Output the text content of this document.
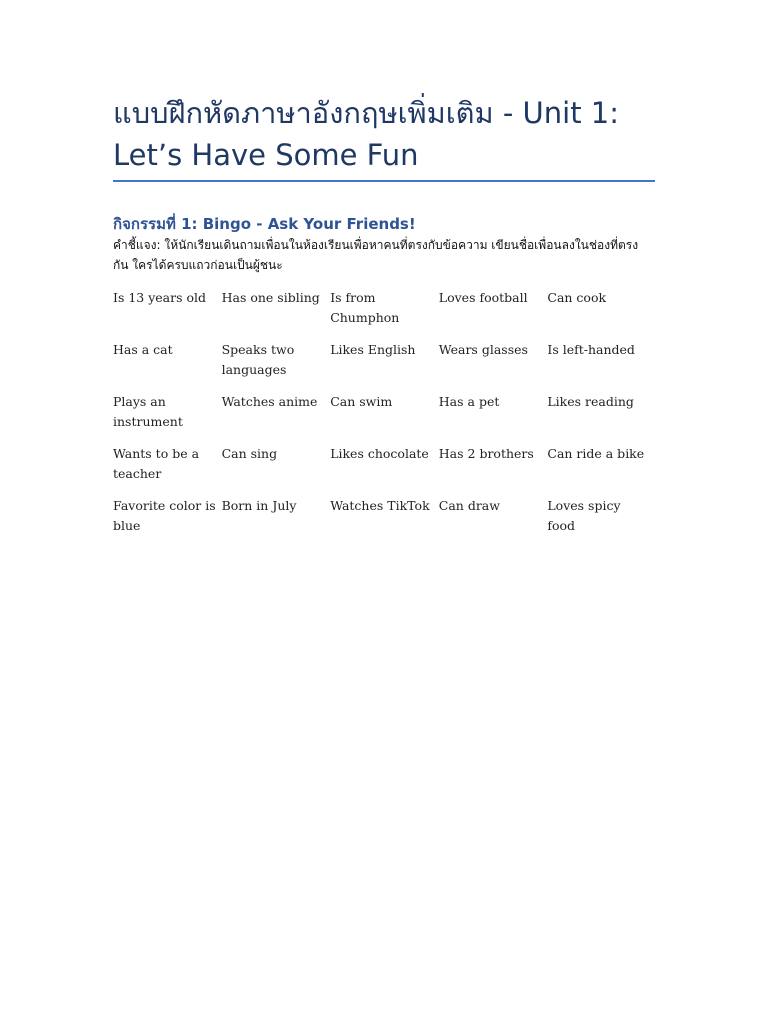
แบบฝึกหัดภาษาอังกฤษเพิ่มเติม - Unit 1:
Let’s Have Some Fun
กิจกรรมที่ 1: Bingo - Ask Your Friends!
คำชี้แจง: ให้นักเรียนเดินถามเพื่อนในห้องเรียนเพื่อหาคนที่ตรงกับข้อความ เขียนชื่อเพื่อนลงในช่องที่ตรงกัน ใครได้ครบแถวก่อนเป็นผู้ชนะ
Is 13 years old	Has one sibling	Is from Chumphon	Loves football	Can cook
Has a cat	Speaks two languages	Likes English	Wears glasses	Is left-handed
Plays an instrument	Watches anime	Can swim	Has a pet	Likes reading
Wants to be a teacher	Can sing	Likes chocolate	Has 2 brothers	Can ride a bike
Favorite color is blue	Born in July	Watches TikTok	Can draw	Loves spicy food
